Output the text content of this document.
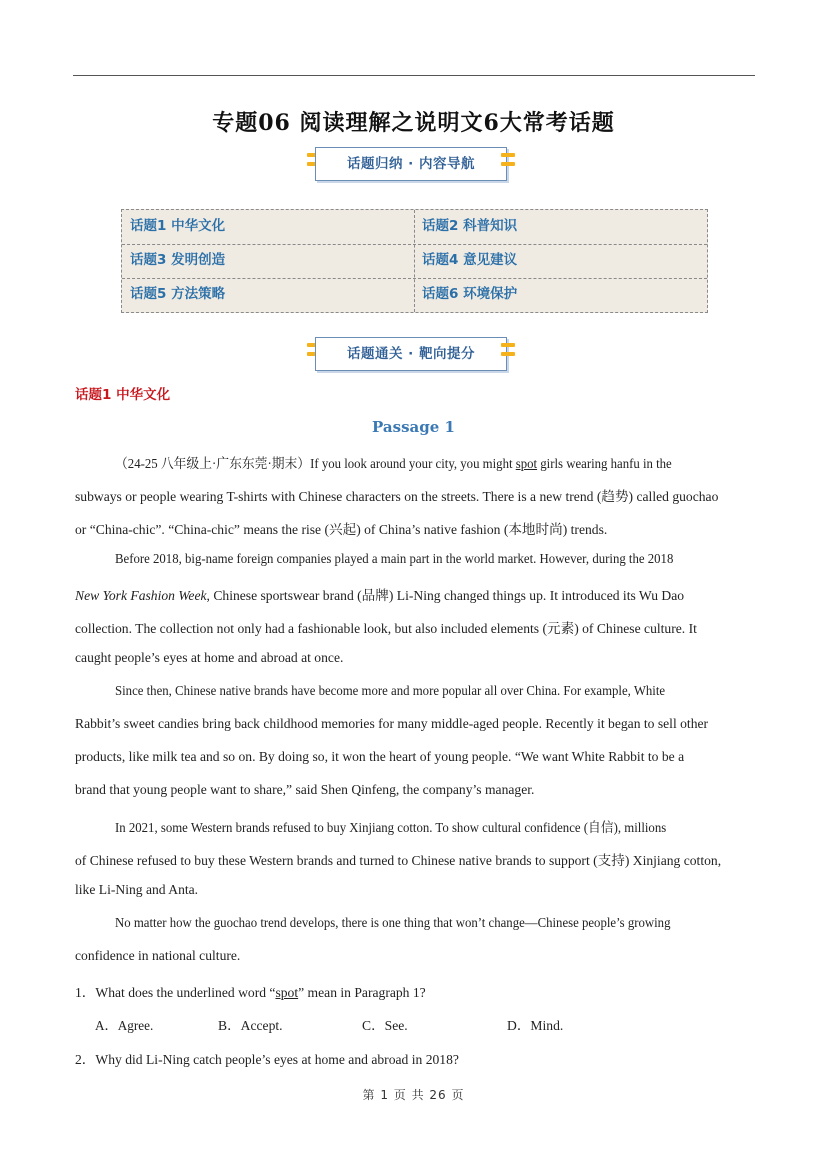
专题06 阅读理解之说明文6大常考话题
话题归纳 · 内容导航
话题1 中华文化	话题2 科普知识
话题3 发明创造	话题4 意见建议
话题5 方法策略	话题6 环境保护
话题通关 · 靶向提分
话题1 中华文化
Passage 1
（24-25 八年级上·广东东莞·期末）If you look around your city, you might spot girls wearing hanfu in the
subways or people wearing T-shirts with Chinese characters on the streets. There is a new trend (趋势) called guochao
or “China-chic”. “China-chic” means the rise (兴起) of China’s native fashion (本地时尚) trends.
Before 2018, big-name foreign companies played a main part in the world market. However, during the 2018
New York Fashion Week, Chinese sportswear brand (品牌) Li-Ning changed things up. It introduced its Wu Dao
collection. The collection not only had a fashionable look, but also included elements (元素) of Chinese culture. It
caught people’s eyes at home and abroad at once.
Since then, Chinese native brands have become more and more popular all over China. For example, White
Rabbit’s sweet candies bring back childhood memories for many middle-aged people. Recently it began to sell other
products, like milk tea and so on. By doing so, it won the heart of young people. “We want White Rabbit to be a
brand that young people want to share,” said Shen Qinfeng, the company’s manager.
In 2021, some Western brands refused to buy Xinjiang cotton. To show cultural confidence (自信), millions
of Chinese refused to buy these Western brands and turned to Chinese native brands to support (支持) Xinjiang cotton,
like Li-Ning and Anta.
No matter how the guochao trend develops, there is one thing that won’t change—Chinese people’s growing
confidence in national culture.
1．What does the underlined word “spot” mean in Paragraph 1?
A．Agree.	B．Accept.	C．See.	D．Mind.
2．Why did Li-Ning catch people’s eyes at home and abroad in 2018?
第 1 页 共 26 页
